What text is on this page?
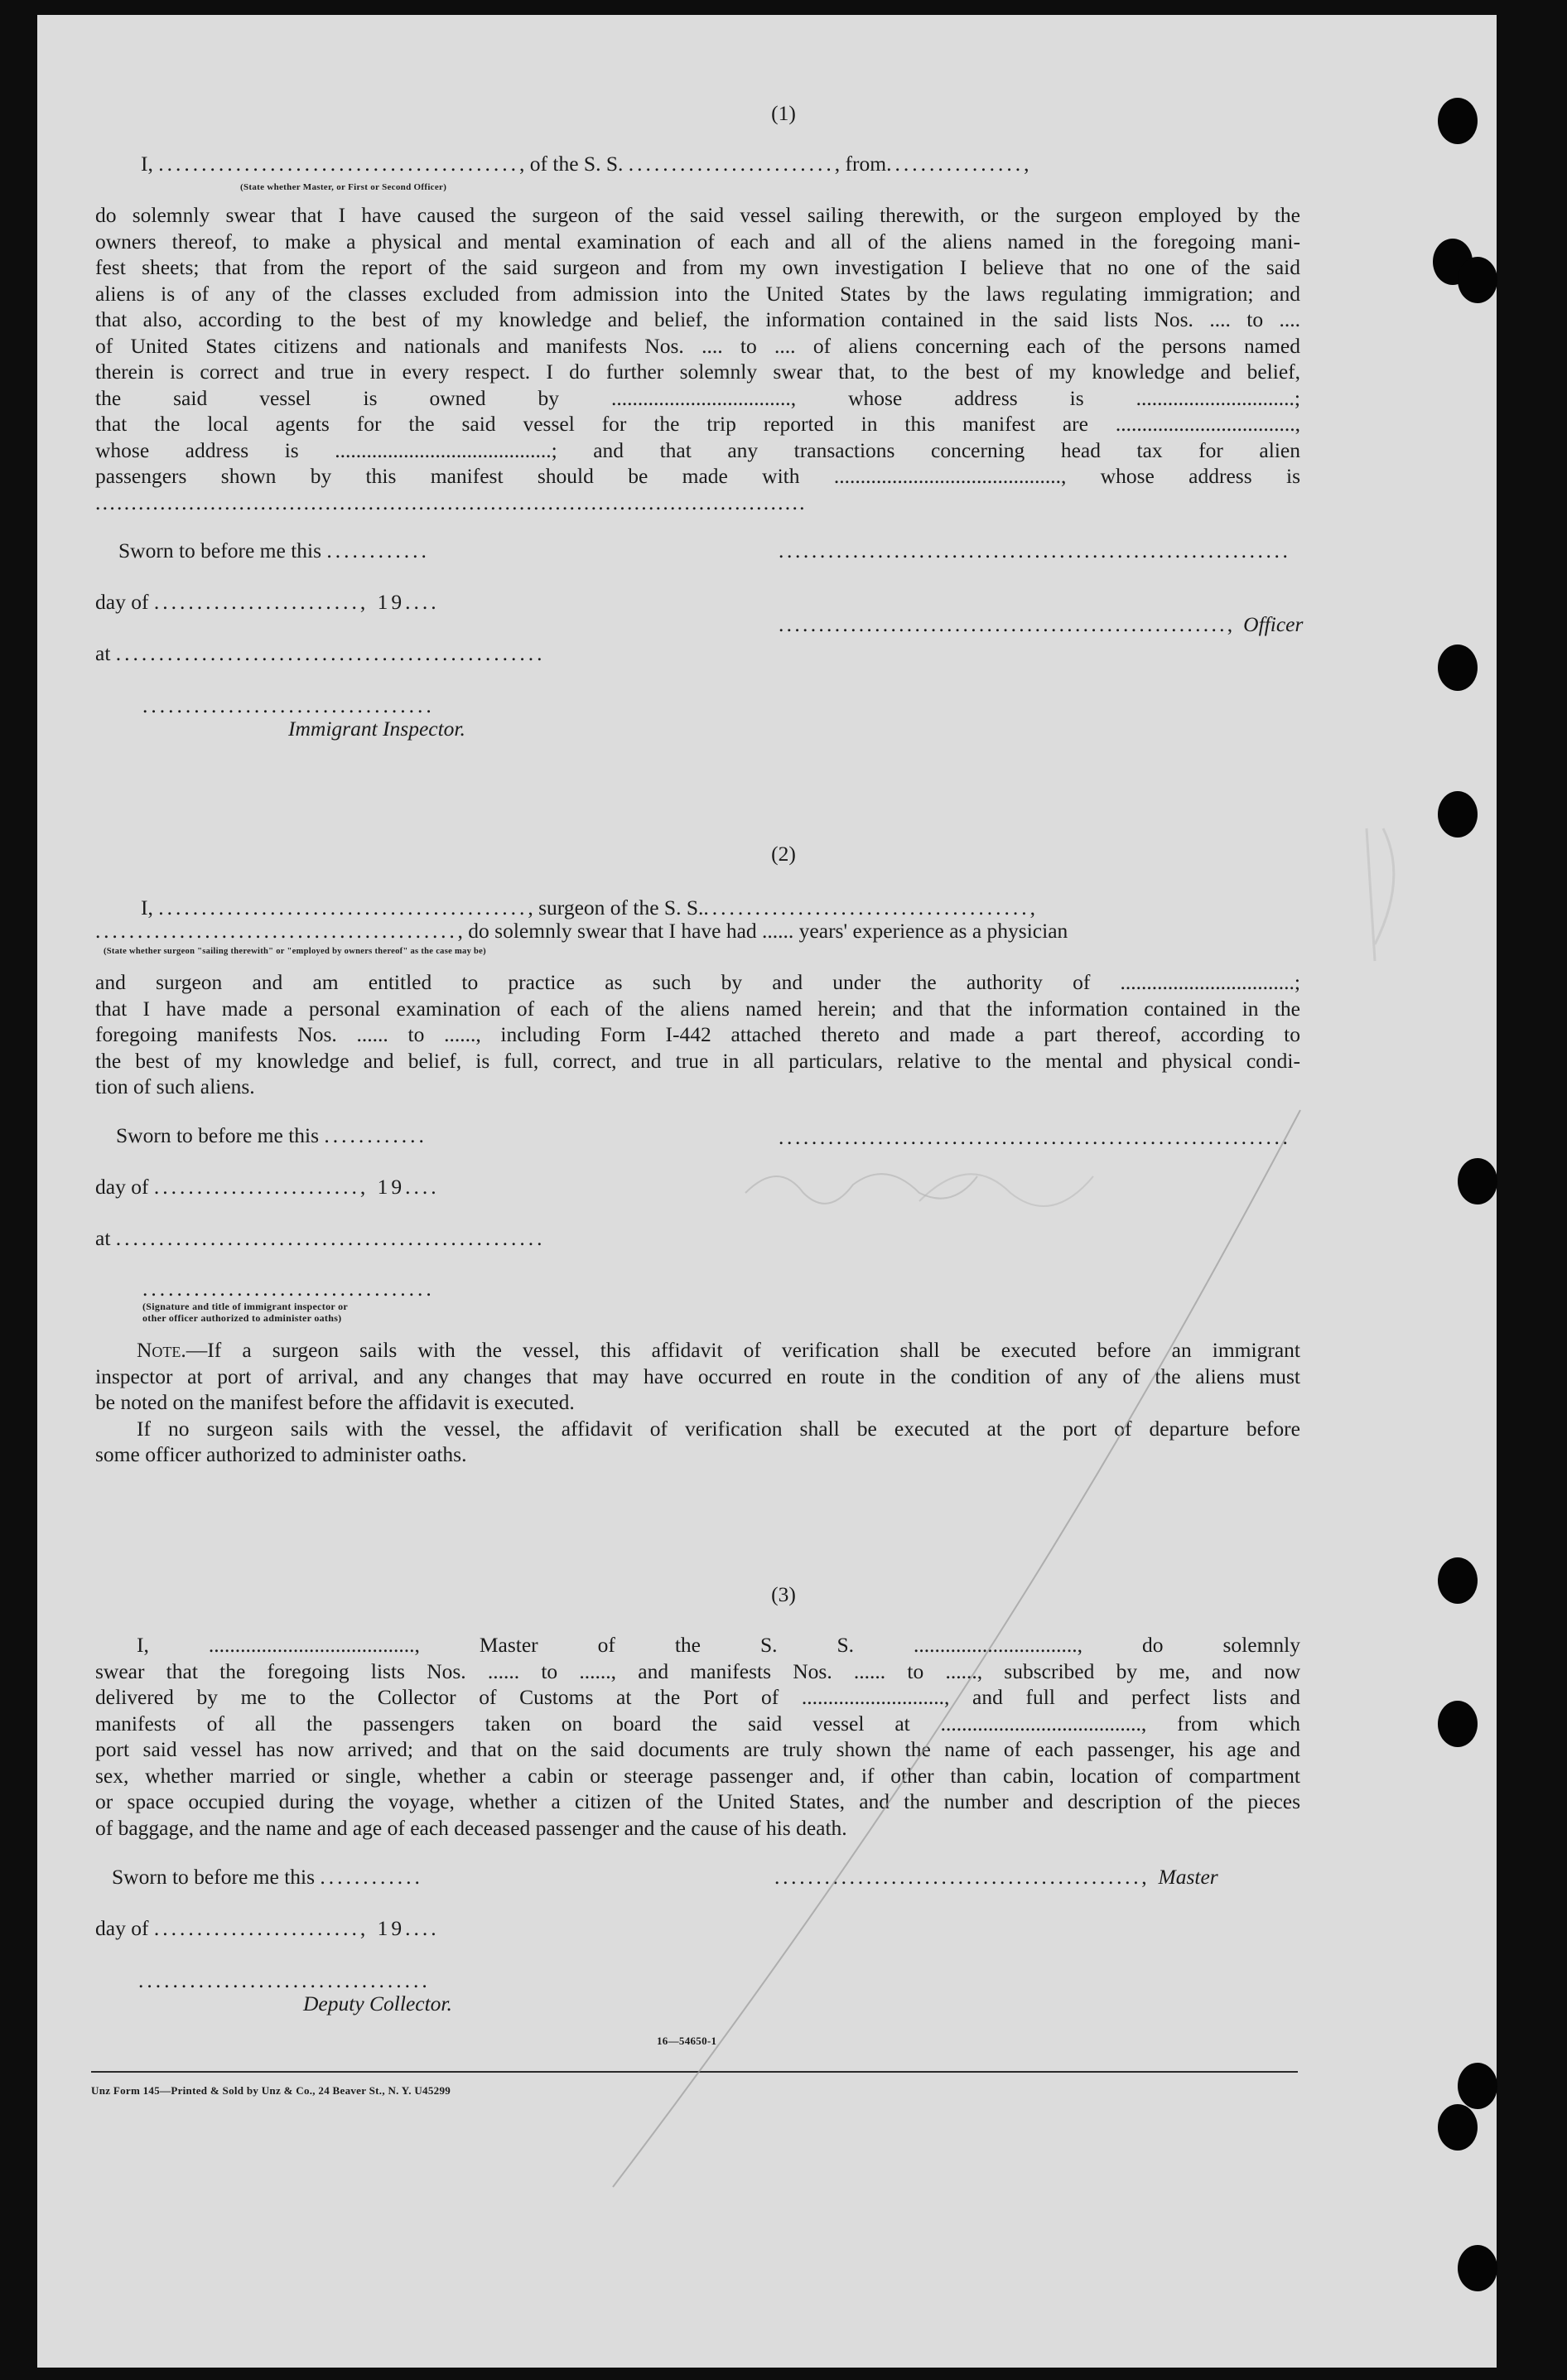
(1)
I, .........................................., of the S. S. ........................, from................,
(State whether Master, or First or Second Officer)
do solemnly swear that I have caused the surgeon of the said vessel sailing therewith, or the surgeon employed by the
owners thereof, to make a physical and mental examination of each and all of the aliens named in the foregoing mani-
fest sheets; that from the report of the said surgeon and from my own investigation I believe that no one of the said
aliens is of any of the classes excluded from admission into the United States by the laws regulating immigration; and
that also, according to the best of my knowledge and belief, the information contained in the said lists Nos. .... to ....
of United States citizens and nationals and manifests Nos. .... to .... of aliens concerning each of the persons named
therein is correct and true in every respect. I do further solemnly swear that, to the best of my knowledge and belief,
the said vessel is owned by .................................., whose address is ..............................;
that the local agents for the said vessel for the trip reported in this manifest are ..................................,
whose address is .........................................; and that any transactions concerning head tax for alien
passengers shown by this manifest should be made with ..........................................., whose address is
...................................................................................................
Sworn to before me this ............	..............................................................
day of ........................, 19....
........................................................, Officer
at ..................................................
..................................
Immigrant Inspector.
(2)
I, ..........................................., surgeon of the S. S.......................................,
..........................................., do solemnly swear that I have had ...... years' experience as a physician
(State whether surgeon "sailing therewith" or "employed by owners thereof" as the case may be)
and surgeon and am entitled to practice as such by and under the authority of .................................;
that I have made a personal examination of each of the aliens named herein; and that the information contained in the
foregoing manifests Nos. ...... to ......, including Form I-442 attached thereto and made a part thereof, according to
the best of my knowledge and belief, is full, correct, and true in all particulars, relative to the mental and physical condi-
tion of such aliens.
Sworn to before me this ............	..............................................................
day of ........................, 19....
at ..................................................
..................................
(Signature and title of immigrant inspector or
other officer authorized to administer oaths)
Note.—If a surgeon sails with the vessel, this affidavit of verification shall be executed before an immigrant
inspector at port of arrival, and any changes that may have occurred en route in the condition of any of the aliens must
be noted on the manifest before the affidavit is executed.
If no surgeon sails with the vessel, the affidavit of verification shall be executed at the port of departure before
some officer authorized to administer oaths.
(3)
I, ......................................., Master of the S. S. ..............................., do solemnly
swear that the foregoing lists Nos. ...... to ......, and manifests Nos. ...... to ......, subscribed by me, and now
delivered by me to the Collector of Customs at the Port of ..........................., and full and perfect lists and
manifests of all the passengers taken on board the said vessel at ......................................, from which
port said vessel has now arrived; and that on the said documents are truly shown the name of each passenger, his age and
sex, whether married or single, whether a cabin or steerage passenger and, if other than cabin, location of compartment
or space occupied during the voyage, whether a citizen of the United States, and the number and description of the pieces
of baggage, and the name and age of each deceased passenger and the cause of his death.
Sworn to before me this ............	............................................, Master
day of ........................, 19....
..................................
Deputy Collector.
16—54650-1
Unz Form 145—Printed & Sold by Unz & Co., 24 Beaver St., N. Y. U45299
